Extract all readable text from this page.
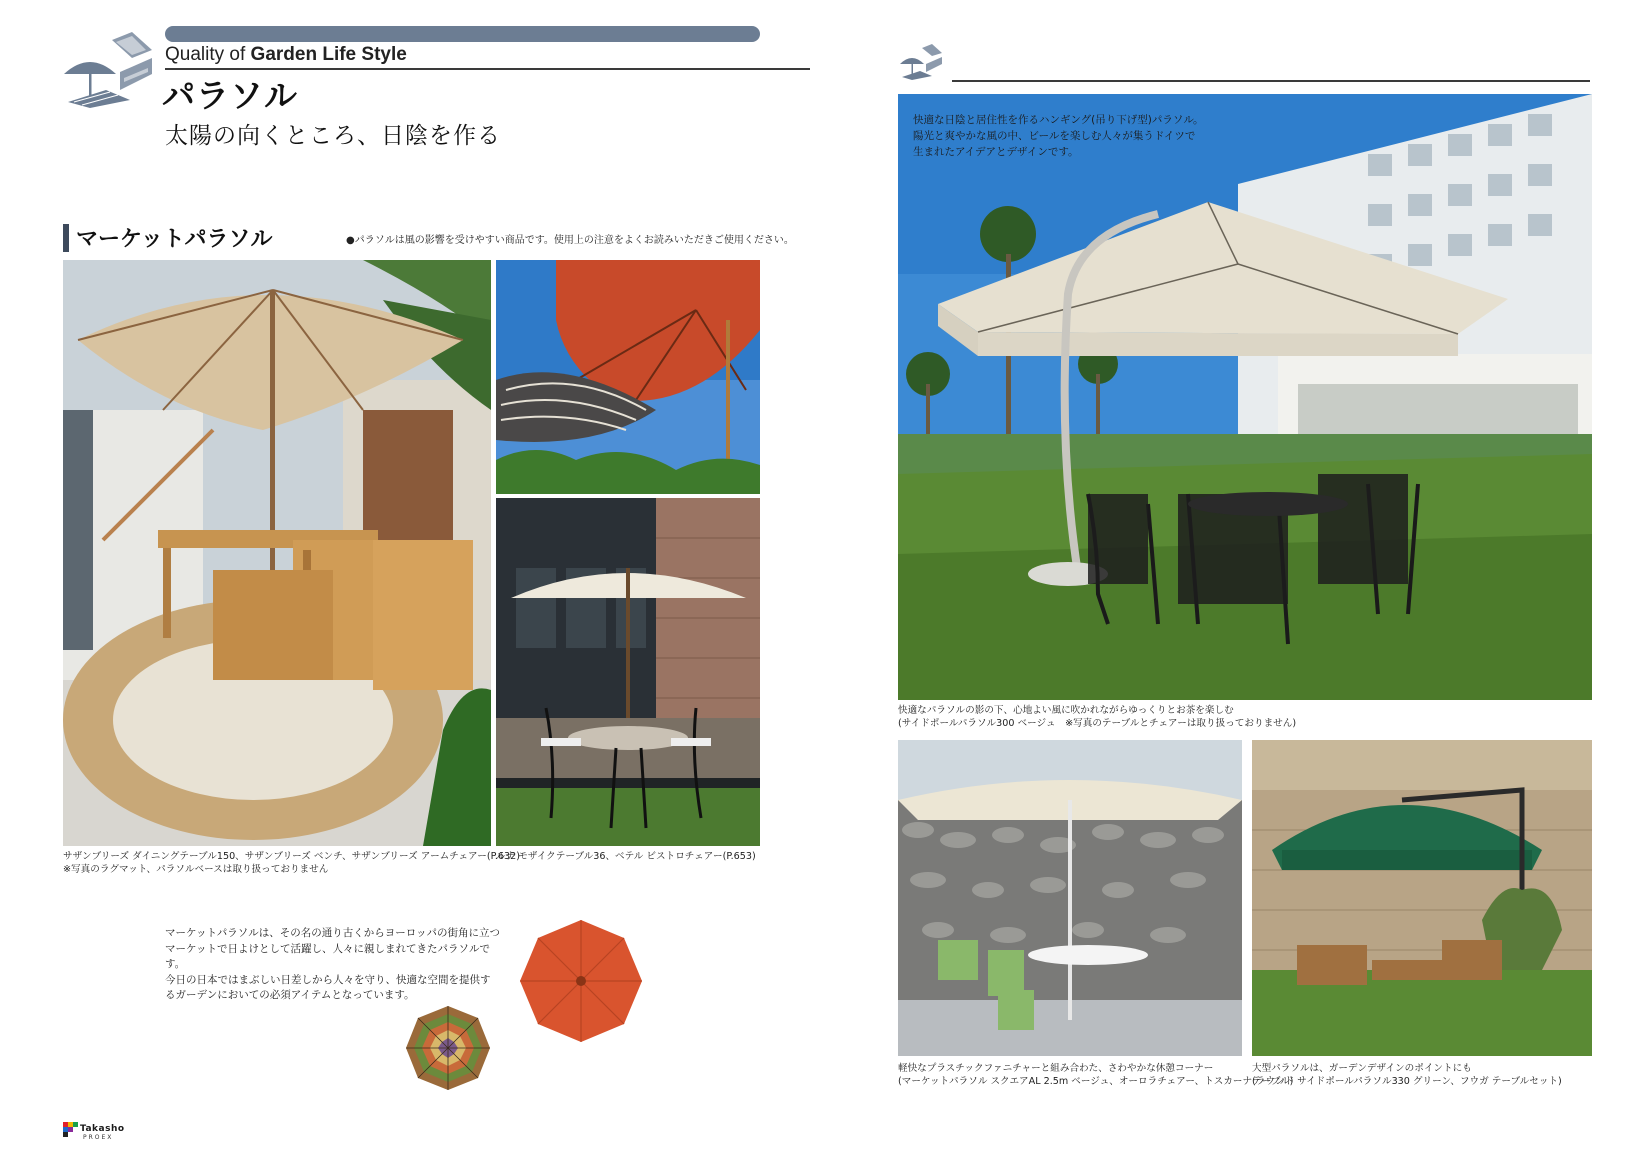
Quality of Garden Life Style
パラソル
太陽の向くところ、日陰を作る
マーケットパラソル	●パラソルは風の影響を受けやすい商品です。使用上の注意をよくお読みいただきご使用ください。
サザンブリーズ ダイニングテーブル150、サザンブリーズ ベンチ、サザンブリーズ アームチェアー(P.632)
※写真のラグマット、パラソルベースは取り扱っておりません
ルナ モザイクテーブル36、ベテル ビストロチェアー(P.653)
マーケットパラソルは、その名の通り古くからヨーロッパの街角に立つ
マーケットで日よけとして活躍し、人々に親しまれてきたパラソルです。
今日の日本ではまぶしい日差しから人々を守り、快適な空間を提供す
るガーデンにおいての必須アイテムとなっています。
Takasho
PROEX
快適な日陰と居住性を作るハンギング(吊り下げ型)パラソル。
陽光と爽やかな風の中、ビールを楽しむ人々が集うドイツで
生まれたアイデアとデザインです。
快適なパラソルの影の下、心地よい風に吹かれながらゆっくりとお茶を楽しむ
(サイドポールパラソル300 ベージュ　※写真のテーブルとチェアーは取り扱っておりません)
軽快なプラスチックファニチャーと組み合わた、さわやかな休憩コーナー
(マーケットパラソル スクエアAL 2.5m ベージュ、オーロラチェアー、トスカーナテーブル)
大型パラソルは、ガーデンデザインのポイントにも
(ラウンド サイドポールパラソル330 グリーン、フウガ テーブルセット)
